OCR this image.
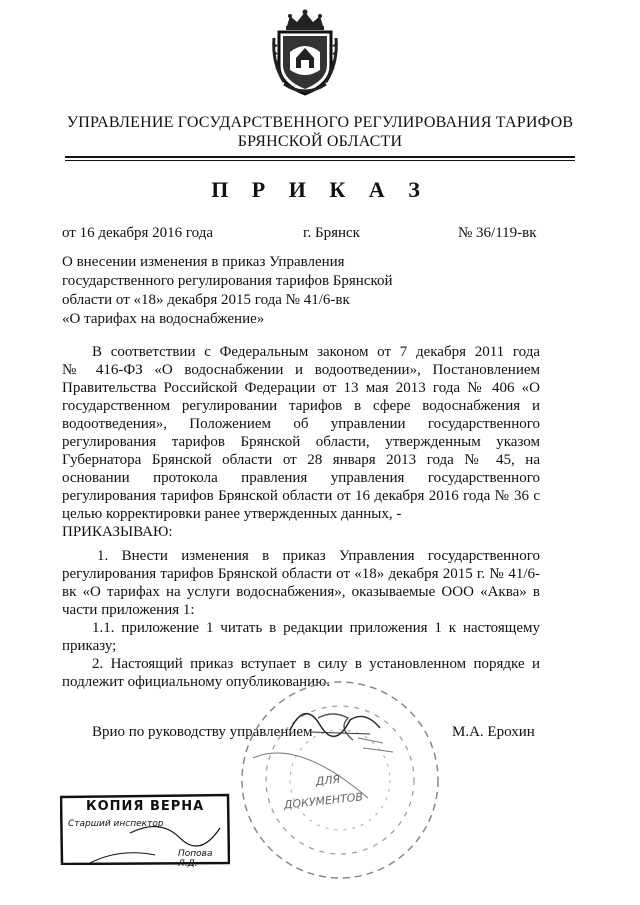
УПРАВЛЕНИЕ ГОСУДАРСТВЕННОГО РЕГУЛИРОВАНИЯ ТАРИФОВ
БРЯНСКОЙ ОБЛАСТИ
П Р И К А З
от 16 декабря 2016 года	г. Брянск	№ 36/119-вк
О внесении изменения в приказ Управления
государственного регулирования тарифов Брянской
области от «18» декабря 2015 года № 41/6-вк
«О тарифах на водоснабжение»
В соответствии с Федеральным законом от 7 декабря 2011 года
№ 416-ФЗ «О водоснабжении и водоотведении», Постановлением
Правительства Российской Федерации от 13 мая 2013 года № 406 «О
государственном регулировании тарифов в сфере водоснабжения и
водоотведения», Положением об управлении государственного
регулирования тарифов Брянской области, утвержденным указом
Губернатора Брянской области от 28 января 2013 года № 45, на
основании протокола правления управления государственного
регулирования тарифов Брянской области от 16 декабря 2016 года № 36 с
целью корректировки ранее утвержденных данных, -
ПРИКАЗЫВАЮ:
1. Внести изменения в приказ Управления государственного
регулирования тарифов Брянской области от «18» декабря 2015 г. № 41/6-
вк «О тарифах на услуги водоснабжения», оказываемые ООО «Аква» в
части приложения 1:
1.1. приложение 1 читать в редакции приложения 1 к настоящему
приказу;
2. Настоящий приказ вступает в силу в установленном порядке и
подлежит официальному опубликованию.
Врио по руководству управлением	М.А. Ерохин
ДЛЯ
ДОКУМЕНТОВ
КОПИЯ ВЕРНА
Старший инспектор
Попова Л.Д.
